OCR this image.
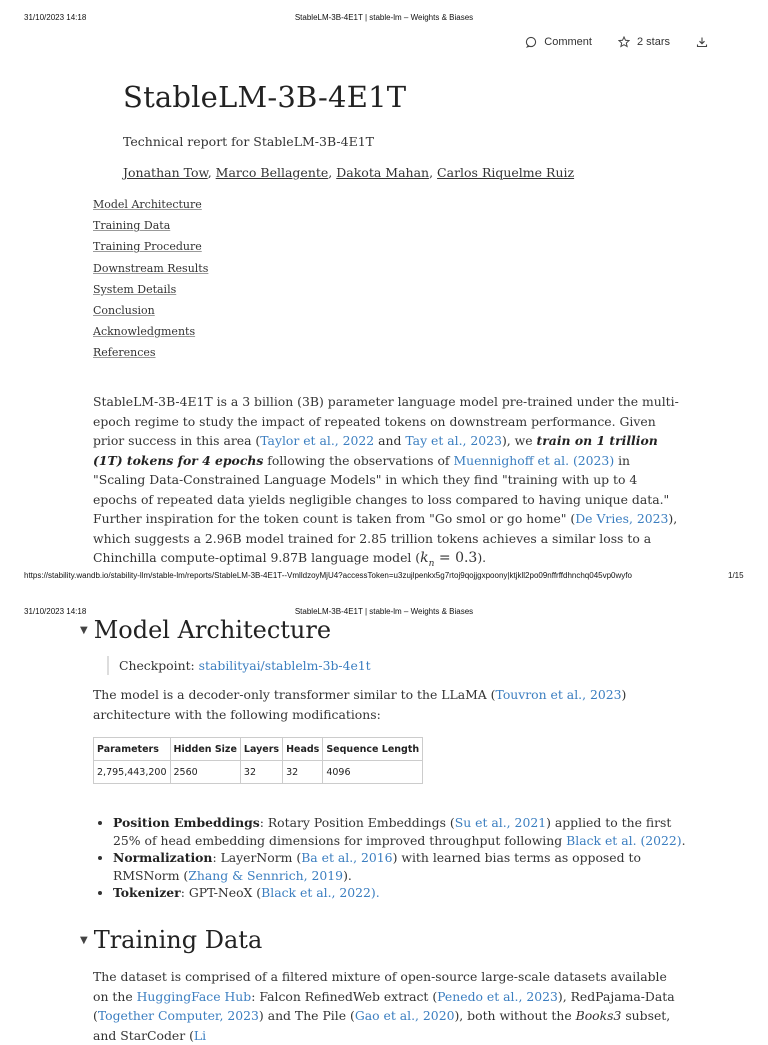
31/10/2023 14:18	StableLM-3B-4E1T | stable-lm – Weights & Biases
Comment	2 stars
StableLM-3B-4E1T
Technical report for StableLM-3B-4E1T
Jonathan Tow, Marco Bellagente, Dakota Mahan, Carlos Riquelme Ruiz
Model Architecture
Training Data
Training Procedure
Downstream Results
System Details
Conclusion
Acknowledgments
References

StableLM-3B-4E1T is a 3 billion (3B) parameter language model pre-trained under the multi-epoch regime to study the impact of repeated tokens on downstream performance. Given prior success in this area (Taylor et al., 2022 and Tay et al., 2023), we train on 1 trillion (1T) tokens for 4 epochs following the observations of Muennighoff et al. (2023) in "Scaling Data-Constrained Language Models" in which they find "training with up to 4 epochs of repeated data yields negligible changes to loss compared to having unique data." Further inspiration for the token count is taken from "Go smol or go home" (De Vries, 2023), which suggests a 2.96B model trained for 2.85 trillion tokens achieves a similar loss to a Chinchilla compute-optimal 9.87B language model $(k_n = 0.3)$.

https://stability.wandb.io/stability-llm/stable-lm/reports/StableLM-3B-4E1T--VmlldzoyMjU4?accessToken=u3zujlpenkx5g7rtoj9qojjgxpoony|ktjkll2po09nffrffdhnchq045vp0wyfo	1/15
31/10/2023 14:18	StableLM-3B-4E1T | stable-lm – Weights & Biases
▼ Model Architecture
Checkpoint: stabilityai/stablelm-3b-4e1t

The model is a decoder-only transformer similar to the LLaMA (Touvron et al., 2023) architecture with the following modifications:

Parameters	Hidden Size	Layers	Heads	Sequence Length
2,795,443,200	2560	32	32	4096
• Position Embeddings: Rotary Position Embeddings (Su et al., 2021) applied to the first 25% of head embedding dimensions for improved throughput following Black et al. (2022).
• Normalization: LayerNorm (Ba et al., 2016) with learned bias terms as opposed to RMSNorm (Zhang & Sennrich, 2019).
• Tokenizer: GPT-NeoX (Black et al., 2022).
▼ Training Data

The dataset is comprised of a filtered mixture of open-source large-scale datasets available on the HuggingFace Hub: Falcon RefinedWeb extract (Penedo et al., 2023), RedPajama-Data (Together Computer, 2023) and The Pile (Gao et al., 2020), both without the Books3 subset, and StarCoder (Li
